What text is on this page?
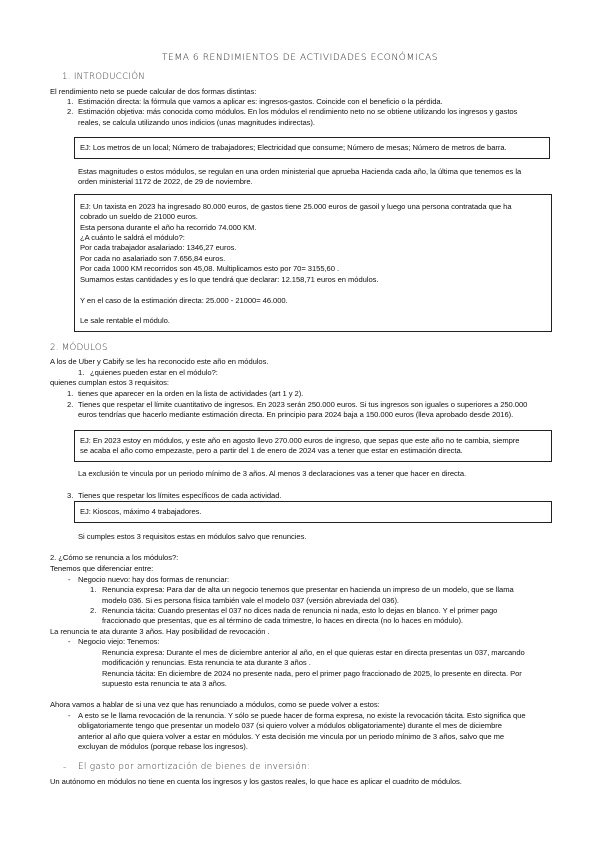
TEMA 6 RENDIMIENTOS DE ACTIVIDADES ECONÓMICAS
1. INTRODUCCIÓN
El rendimiento neto se puede calcular de dos formas distintas:
1. Estimación directa: la fórmula que vamos a aplicar es: ingresos-gastos. Coincide con el beneficio o la pérdida.
2. Estimación objetiva: más conocida como módulos. En los módulos el rendimiento neto no se obtiene utilizando los ingresos y gastos
reales, se calcula utilizando unos indicios (unas magnitudes indirectas).
EJ: Los metros de un local; Número de trabajadores; Electricidad que consume; Número de mesas; Número de metros de barra.
Estas magnitudes o estos módulos, se regulan en una orden ministerial que aprueba Hacienda cada año, la última que tenemos es la
orden ministerial 1172 de 2022, de 29 de noviembre.
EJ: Un taxista en 2023 ha ingresado 80.000 euros, de gastos tiene 25.000 euros de gasoil y luego una persona contratada que ha
cobrado un sueldo de 21000 euros.
Esta persona durante el año ha recorrido 74.000 KM.
¿A cuánto le saldrá el módulo?:
Por cada trabajador asalariado: 1346,27 euros.
Por cada no asalariado son 7.656,84 euros.
Por cada 1000 KM recorridos son 45,08. Multiplicamos esto por 70= 3155,60 .
Sumamos estas cantidades y es lo que tendrá que declarar: 12.158,71 euros en módulos.
Y en el caso de la estimación directa: 25.000 - 21000= 46.000.
Le sale rentable el módulo.
2. MÓDULOS
A los de Uber y Cabify se les ha reconocido este año en módulos.
1. ¿quienes pueden estar en el módulo?:
quienes cumplan estos 3 requisitos:
1. tienes que aparecer en la orden en la lista de actividades (art 1 y 2).
2. Tienes que respetar el límite cuantitativo de ingresos. En 2023 serán 250.000 euros. Si tus ingresos son iguales o superiores a 250.000
euros tendrías que hacerlo mediante estimación directa. En principio para 2024 baja a 150.000 euros (lleva aprobado desde 2016).
EJ: En 2023 estoy en módulos, y este año en agosto llevo 270.000 euros de ingreso, que sepas que este año no te cambia, siempre
se acaba el año como empezaste, pero a partir del 1 de enero de 2024 vas a tener que estar en estimación directa.
La exclusión te vincula por un periodo mínimo de 3 años. Al menos 3 declaraciones vas a tener que hacer en directa.
3. Tienes que respetar los límites específicos de cada actividad.
EJ: Kioscos, máximo 4 trabajadores.
Si cumples estos 3 requisitos estas en módulos salvo que renuncies.
2. ¿Cómo se renuncia a los módulos?:
Tenemos que diferenciar entre:
- Negocio nuevo: hay dos formas de renunciar:
1. Renuncia expresa: Para dar de alta un negocio tenemos que presentar en hacienda un impreso de un modelo, que se llama
modelo 036. Si es persona física también vale el modelo 037 (versión abreviada del 036).
2. Renuncia tácita: Cuando presentas el 037 no dices nada de renuncia ni nada, esto lo dejas en blanco. Y el primer pago
fraccionado que presentas, que es al término de cada trimestre, lo haces en directa (no lo haces en módulo).
La renuncia te ata durante 3 años. Hay posibilidad de revocación .
- Negocio viejo: Tenemos:
Renuncia expresa: Durante el mes de diciembre anterior al año, en el que quieras estar en directa presentas un 037, marcando
modificación y renuncias. Esta renuncia te ata durante 3 años .
Renuncia tácita: En diciembre de 2024 no presente nada, pero el primer pago fraccionado de 2025, lo presente en directa. Por
supuesto esta renuncia te ata 3 años.
Ahora vamos a hablar de si una vez que has renunciado a módulos, como se puede volver a estos:
- A esto se le llama revocación de la renuncia. Y sólo se puede hacer de forma expresa, no existe la revocación tácita. Esto significa que
obligatoriamente tengo que presentar un modelo 037 (si quiero volver a módulos obligatoriamente) durante el mes de diciembre
anterior al año que quiera volver a estar en módulos. Y esta decisión me vincula por un periodo mínimo de 3 años, salvo que me
excluyan de módulos (porque rebase los ingresos).
- El gasto por amortización de bienes de inversión:
Un autónomo en módulos no tiene en cuenta los ingresos y los gastos reales, lo que hace es aplicar el cuadrito de módulos.
